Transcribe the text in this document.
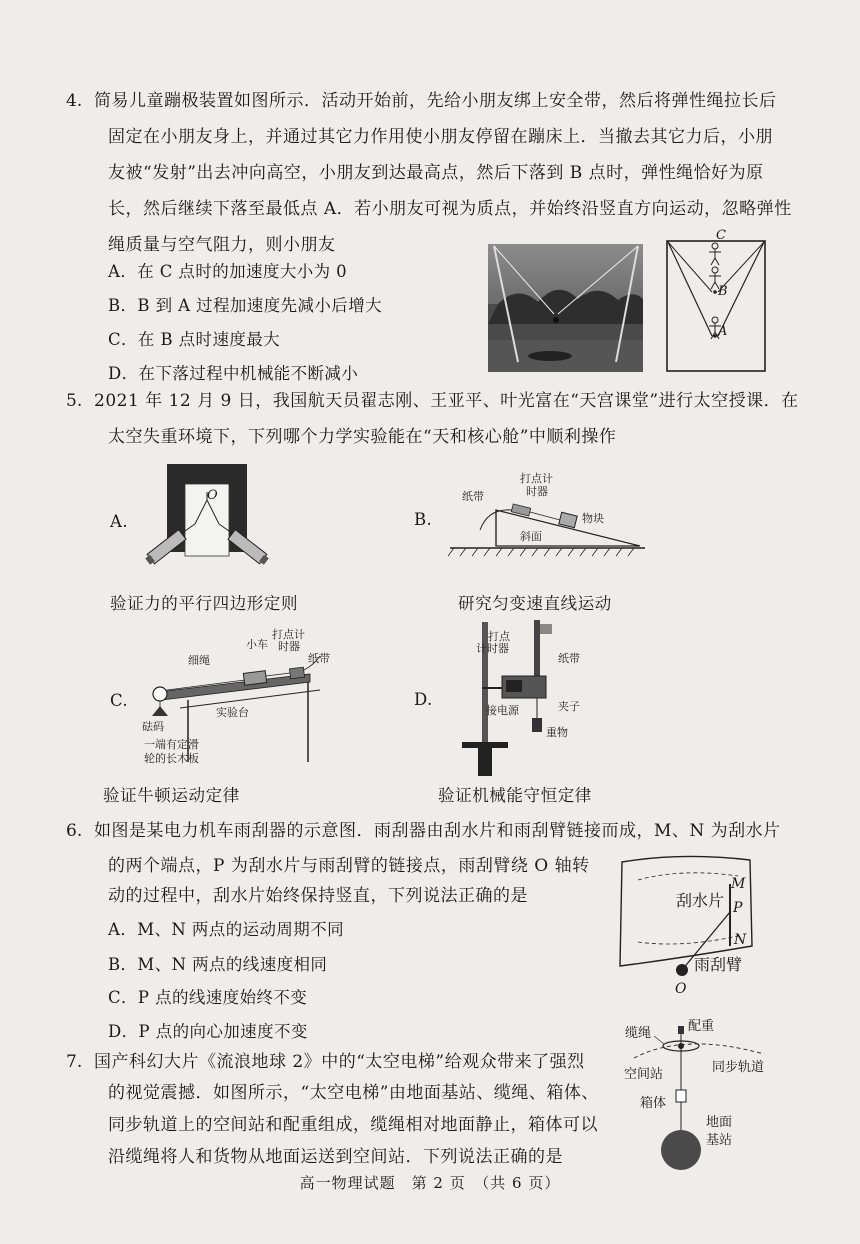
4. 简易儿童蹦极装置如图所示．活动开始前，先给小朋友绑上安全带，然后将弹性绳拉长后
固定在小朋友身上，并通过其它力作用使小朋友停留在蹦床上．当撤去其它力后，小朋
友被“发射”出去冲向高空，小朋友到达最高点，然后下落到 B 点时，弹性绳恰好为原
长，然后继续下落至最低点 A．若小朋友可视为质点，并始终沿竖直方向运动，忽略弹性
绳质量与空气阻力，则小朋友
A．在 C 点时的加速度大小为 0
B．B 到 A 过程加速度先减小后增大
C．在 B 点时速度最大
D．在下落过程中机械能不断减小
C
B
A
5. 2021 年 12 月 9 日，我国航天员翟志刚、王亚平、叶光富在“天宫课堂”进行太空授课．在
太空失重环境下，下列哪个力学实验能在“天和核心舱”中顺利操作
A.
O
验证力的平行四边形定则
B.
打点计
时器
纸带
物块
斜面
研究匀变速直线运动
C.
小车
打点计
时器
细绳	纸带
实验台
砝码
一端有定滑
轮的长木板
验证牛顿运动定律
D.
打点
计时器
纸带
夹子
接电源
重物
验证机械能守恒定律
6. 如图是某电力机车雨刮器的示意图．雨刮器由刮水片和雨刮臂链接而成，M、N 为刮水片
的两个端点，P 为刮水片与雨刮臂的链接点，雨刮臂绕 O 轴转
动的过程中，刮水片始终保持竖直，下列说法正确的是
A．M、N 两点的运动周期不同
B．M、N 两点的线速度相同
C．P 点的线速度始终不变
D．P 点的向心加速度不变
刮水片
雨刮臂
M
P
N
O
7. 国产科幻大片《流浪地球 2》中的“太空电梯”给观众带来了强烈
的视觉震撼．如图所示，“太空电梯”由地面基站、缆绳、箱体、
同步轨道上的空间站和配重组成，缆绳相对地面静止，箱体可以
沿缆绳将人和货物从地面运送到空间站．下列说法正确的是
缆绳	配重
空间站	同步轨道
箱体
地面
基站
高一物理试题　第 2 页　（共 6 页）
